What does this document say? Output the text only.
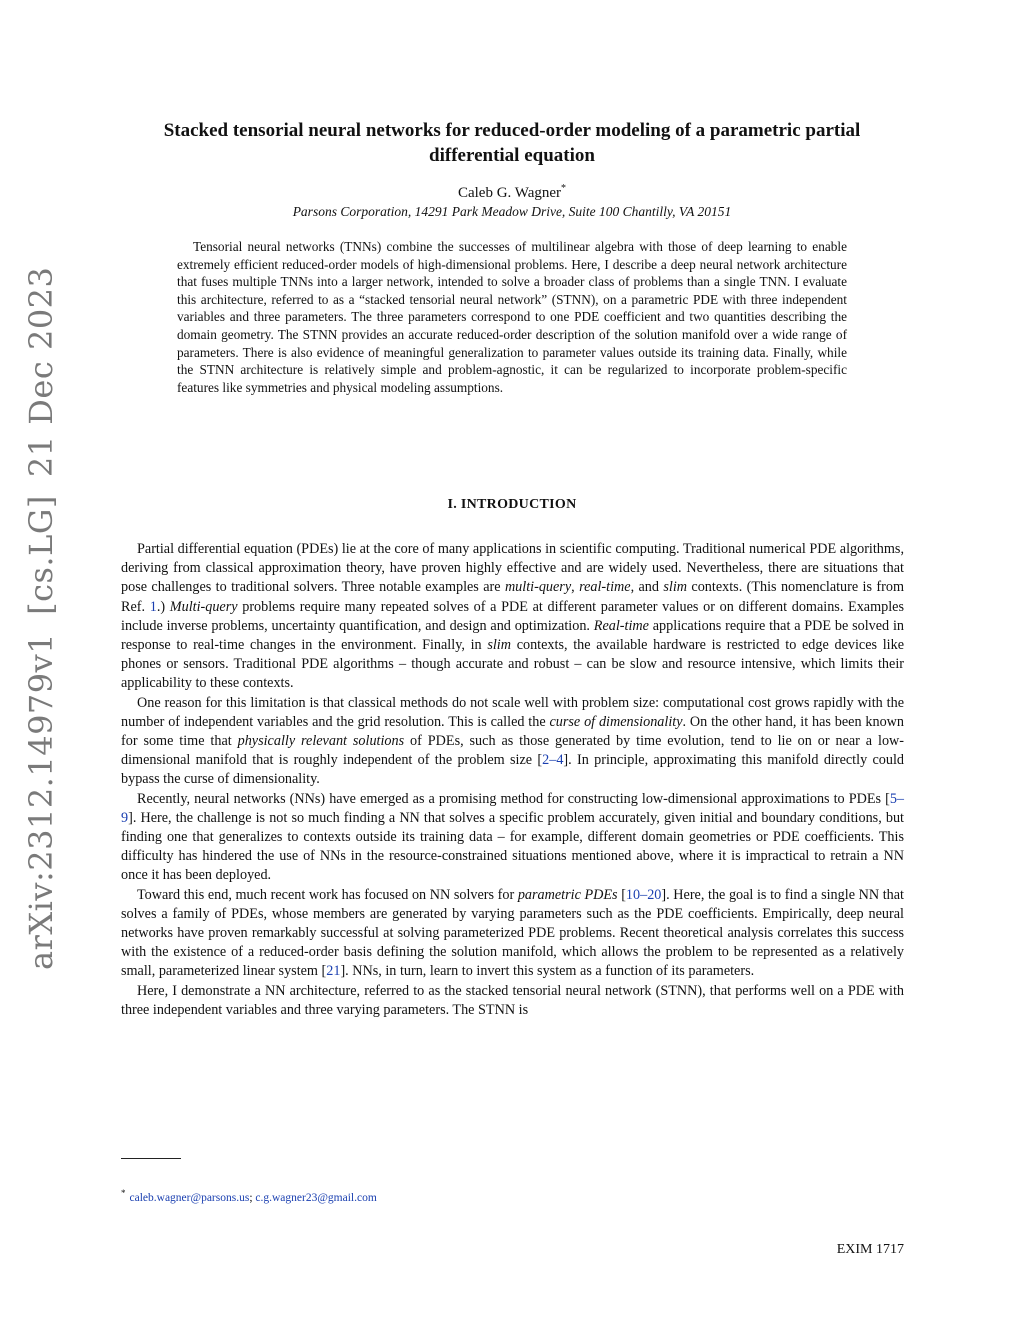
arXiv:2312.14979v1[cs.LG]21 Dec 2023
Stacked tensorial neural networks for reduced-order modeling of a parametric partial differential equation
Caleb G. Wagner*
Parsons Corporation, 14291 Park Meadow Drive, Suite 100 Chantilly, VA 20151
Tensorial neural networks (TNNs) combine the successes of multilinear algebra with those of deep learning to enable extremely efficient reduced-order models of high-dimensional problems. Here, I describe a deep neural network architecture that fuses multiple TNNs into a larger network, intended to solve a broader class of problems than a single TNN. I evaluate this architecture, referred to as a “stacked tensorial neural network” (STNN), on a parametric PDE with three independent variables and three parameters. The three parameters correspond to one PDE coefficient and two quantities describing the domain geometry. The STNN provides an accurate reduced-order description of the solution manifold over a wide range of parameters. There is also evidence of meaningful generalization to parameter values outside its training data. Finally, while the STNN architecture is relatively simple and problem-agnostic, it can be regularized to incorporate problem-specific features like symmetries and physical modeling assumptions.
I. INTRODUCTION

Partial differential equation (PDEs) lie at the core of many applications in scientific computing. Traditional numerical PDE algorithms, deriving from classical approximation theory, have proven highly effective and are widely used. Nevertheless, there are situations that pose challenges to traditional solvers. Three notable examples are multi-query, real-time, and slim contexts. (This nomenclature is from Ref. 1.) Multi-query problems require many repeated solves of a PDE at different parameter values or on different domains. Examples include inverse problems, uncertainty quantification, and design and optimization. Real-time applications require that a PDE be solved in response to real-time changes in the environment. Finally, in slim contexts, the available hardware is restricted to edge devices like phones or sensors. Traditional PDE algorithms – though accurate and robust – can be slow and resource intensive, which limits their applicability to these contexts.

One reason for this limitation is that classical methods do not scale well with problem size: computational cost grows rapidly with the number of independent variables and the grid resolution. This is called the curse of dimensionality. On the other hand, it has been known for some time that physically relevant solutions of PDEs, such as those generated by time evolution, tend to lie on or near a low-dimensional manifold that is roughly independent of the problem size [2–4]. In principle, approximating this manifold directly could bypass the curse of dimensionality.

Recently, neural networks (NNs) have emerged as a promising method for constructing low-dimensional approximations to PDEs [5–9]. Here, the challenge is not so much finding a NN that solves a specific problem accurately, given initial and boundary conditions, but finding one that generalizes to contexts outside its training data – for example, different domain geometries or PDE coefficients. This difficulty has hindered the use of NNs in the resource-constrained situations mentioned above, where it is impractical to retrain a NN once it has been deployed.

Toward this end, much recent work has focused on NN solvers for parametric PDEs [10–20]. Here, the goal is to find a single NN that solves a family of PDEs, whose members are generated by varying parameters such as the PDE coefficients. Empirically, deep neural networks have proven remarkably successful at solving parameterized PDE problems. Recent theoretical analysis correlates this success with the existence of a reduced-order basis defining the solution manifold, which allows the problem to be represented as a relatively small, parameterized linear system [21]. NNs, in turn, learn to invert this system as a function of its parameters.

Here, I demonstrate a NN architecture, referred to as the stacked tensorial neural network (STNN), that performs well on a PDE with three independent variables and three varying parameters. The STNN is

* caleb.wagner@parsons.us; c.g.wagner23@gmail.com
EXIM 1717
